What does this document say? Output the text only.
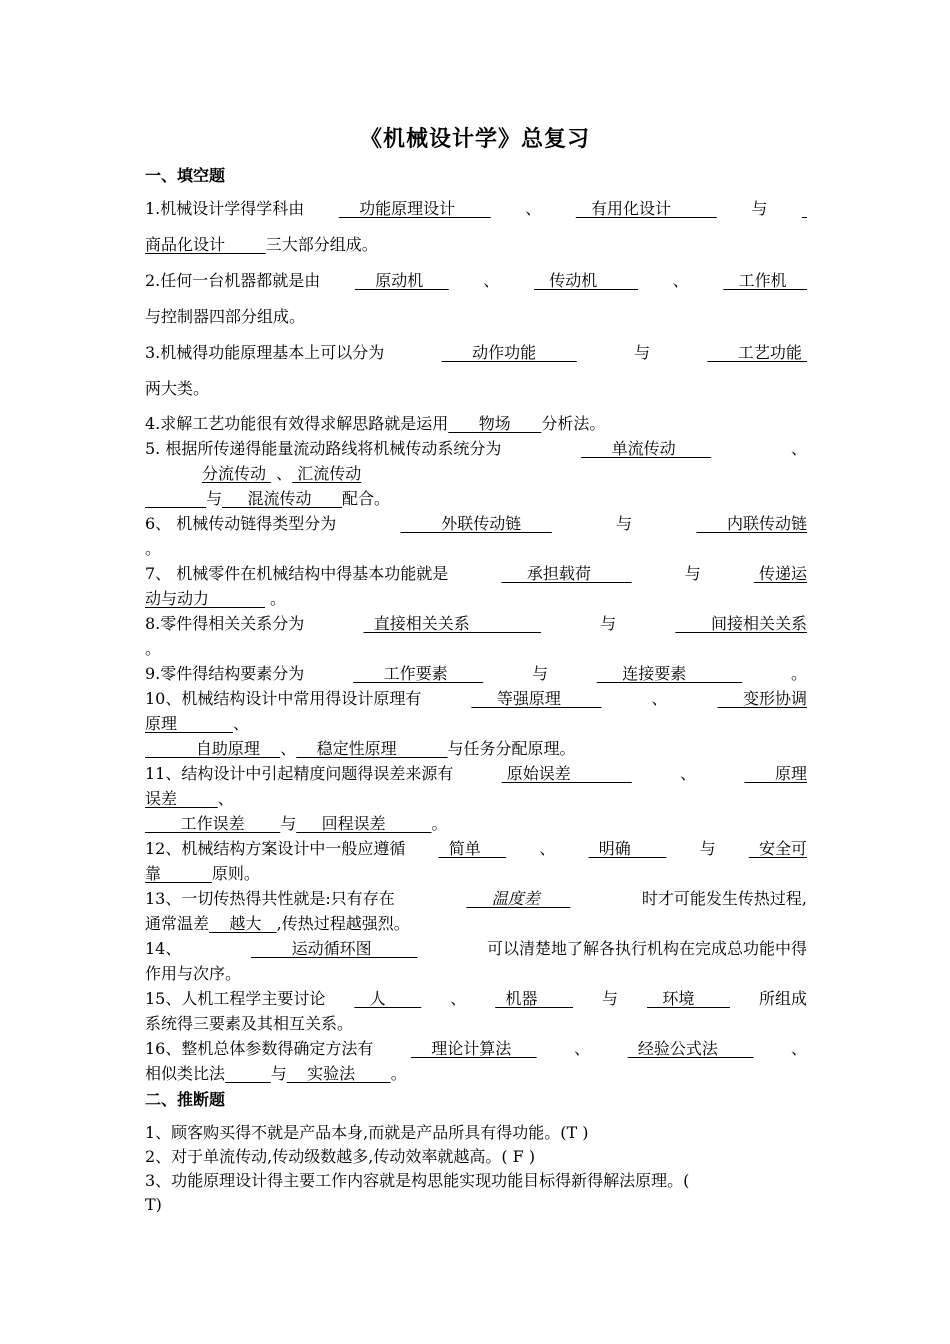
《机械设计学》总复习
一、填空题
1.机械设计学得学科由 功能原理设计 、 有用化设计 与

商品化设计        三大部分组成。
2.任何一台机器都就是由 原动机 、 传动机 、 工作机
与控制器四部分组成。
3.机械得功能原理基本上可以分为	动作功能	与	工艺功能
两大类。
4.求解工艺功能很有效得求解思路就是运用      物场      分析法。
5. 根据所传递得能量流动路线将机械传动系统分为	单流传动	、
分流传动  、 汇流传动
与     混流传动      配合。
6、 机械传动链得类型分为	外联传动链	与	内联传动链
。
7、 机械零件在机械结构中得基本功能就是	承担载荷	与	传递运
动与动力            。
8.零件得相关关系分为	直接相关关系	与	间接相关关系
。
9.零件得结构要素分为	工作要素	与	连接要素	。
10、机械结构设计中常用得设计原理有	等强原理	、	变形协调
原理           、
自助原理    、    稳定性原理          与任务分配原理。
11、结构设计中引起精度问题得误差来源有	原始误差	、	原理
误差        、
工作误差       与     回程误差         。
12、机械结构方案设计中一般应遵循 简单 、 明确 与 安全可
靠          原则。
13、一切传热得共性就是:只有存在	温度差	时才可能发生传热过程,
通常温差    越大   ,传热过程越强烈。
14、	运动循环图	可以清楚地了解各执行机构在完成总功能中得
作用与次序。
15、人机工程学主要讨论 人 、 机器 与 环境 所组成
系统得三要素及其相互关系。
16、整机总体参数得确定方法有 理论计算法 、 经验公式法 、
相似类比法	与    实验法       。
二、推断题
1、顾客购买得不就是产品本身,而就是产品所具有得功能。(T )
2、对于单流传动,传动级数越多,传动效率就越高。( F )
3、功能原理设计得主要工作内容就是构思能实现功能目标得新得解法原理。(
T)
